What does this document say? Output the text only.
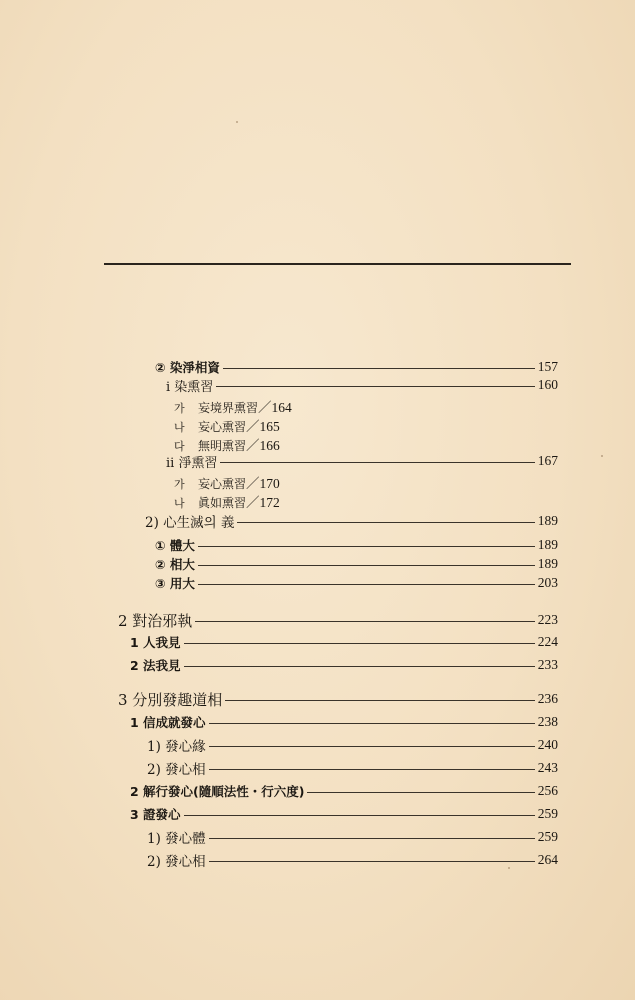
② 染淨相資	157
i 染熏習	160
가 妄境界熏習／164
나 妄心熏習／165
다 無明熏習／166
ii 淨熏習	167
가 妄心熏習／170
나 眞如熏習／172
2) 心生滅의 義	189
① 體大	189
② 相大	189
③ 用大	203
2 對治邪執	223
1 人我見	224
2 法我見	233
3 分別發趣道相	236
1 信成就發心	238
1) 發心緣	240
2) 發心相	243
2 解行發心(隨順法性・行六度)	256
3 證發心	259
1) 發心體	259
2) 發心相	264
